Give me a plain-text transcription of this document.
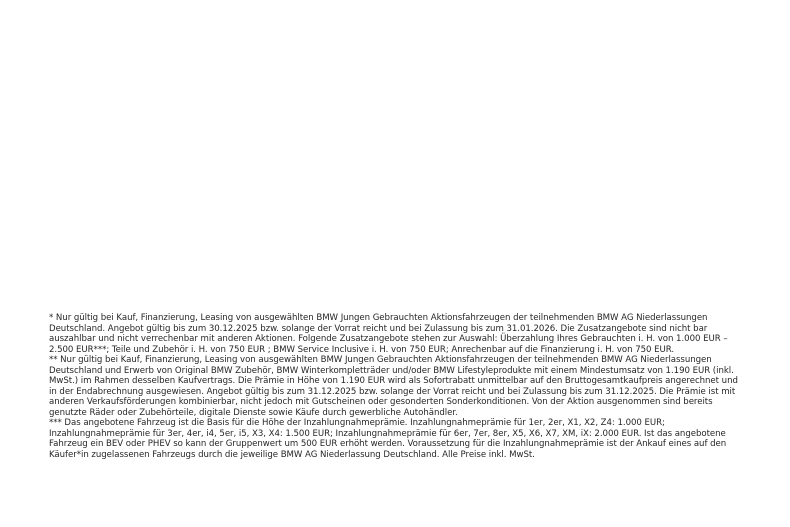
* Nur gültig bei Kauf, Finanzierung, Leasing von ausgewählten BMW Jungen Gebrauchten Aktionsfahrzeugen der teilnehmenden BMW AG Niederlassungen Deutschland. Angebot gültig bis zum 30.12.2025 bzw. solange der Vorrat reicht und bei Zulassung bis zum 31.01.2026. Die Zusatzangebote sind nicht bar auszahlbar und nicht verrechenbar mit anderen Aktionen. Folgende Zusatzangebote stehen zur Auswahl: Überzahlung Ihres Gebrauchten i. H. von 1.000 EUR – 2.500 EUR***; Teile und Zubehör i. H. von 750 EUR ; BMW Service Inclusive i. H. von 750 EUR; Anrechenbar auf die Finanzierung i. H. von 750 EUR.

** Nur gültig bei Kauf, Finanzierung, Leasing von ausgewählten BMW Jungen Gebrauchten Aktionsfahrzeugen der teilnehmenden BMW AG Niederlassungen Deutschland und Erwerb von Original BMW Zubehör, BMW Winterkompletträder und/oder BMW Lifestyleprodukte mit einem Mindestumsatz von 1.190 EUR (inkl. MwSt.) im Rahmen desselben Kaufvertrags. Die Prämie in Höhe von 1.190 EUR wird als Sofortrabatt unmittelbar auf den Bruttogesamtkaufpreis angerechnet und in der Endabrechnung ausgewiesen. Angebot gültig bis zum 31.12.2025 bzw. solange der Vorrat reicht und bei Zulassung bis zum 31.12.2025. Die Prämie ist mit anderen Verkaufsförderungen kombinierbar, nicht jedoch mit Gutscheinen oder gesonderten Sonderkonditionen. Von der Aktion ausgenommen sind bereits genutzte Räder oder Zubehörteile, digitale Dienste sowie Käufe durch gewerbliche Autohändler.

*** Das angebotene Fahrzeug ist die Basis für die Höhe der Inzahlungnahmeprämie. Inzahlungnahmeprämie für 1er, 2er, X1, X2, Z4: 1.000 EUR; Inzahlungnahmeprämie für 3er, 4er, i4, 5er, i5, X3, X4: 1.500 EUR; Inzahlungnahmeprämie für 6er, 7er, 8er, X5, X6, X7, XM, iX: 2.000 EUR. Ist das angebotene Fahrzeug ein BEV oder PHEV so kann der Gruppenwert um 500 EUR erhöht werden. Voraussetzung für die Inzahlungnahmeprämie ist der Ankauf eines auf den Käufer*in zugelassenen Fahrzeugs durch die jeweilige BMW AG Niederlassung Deutschland. Alle Preise inkl. MwSt.
